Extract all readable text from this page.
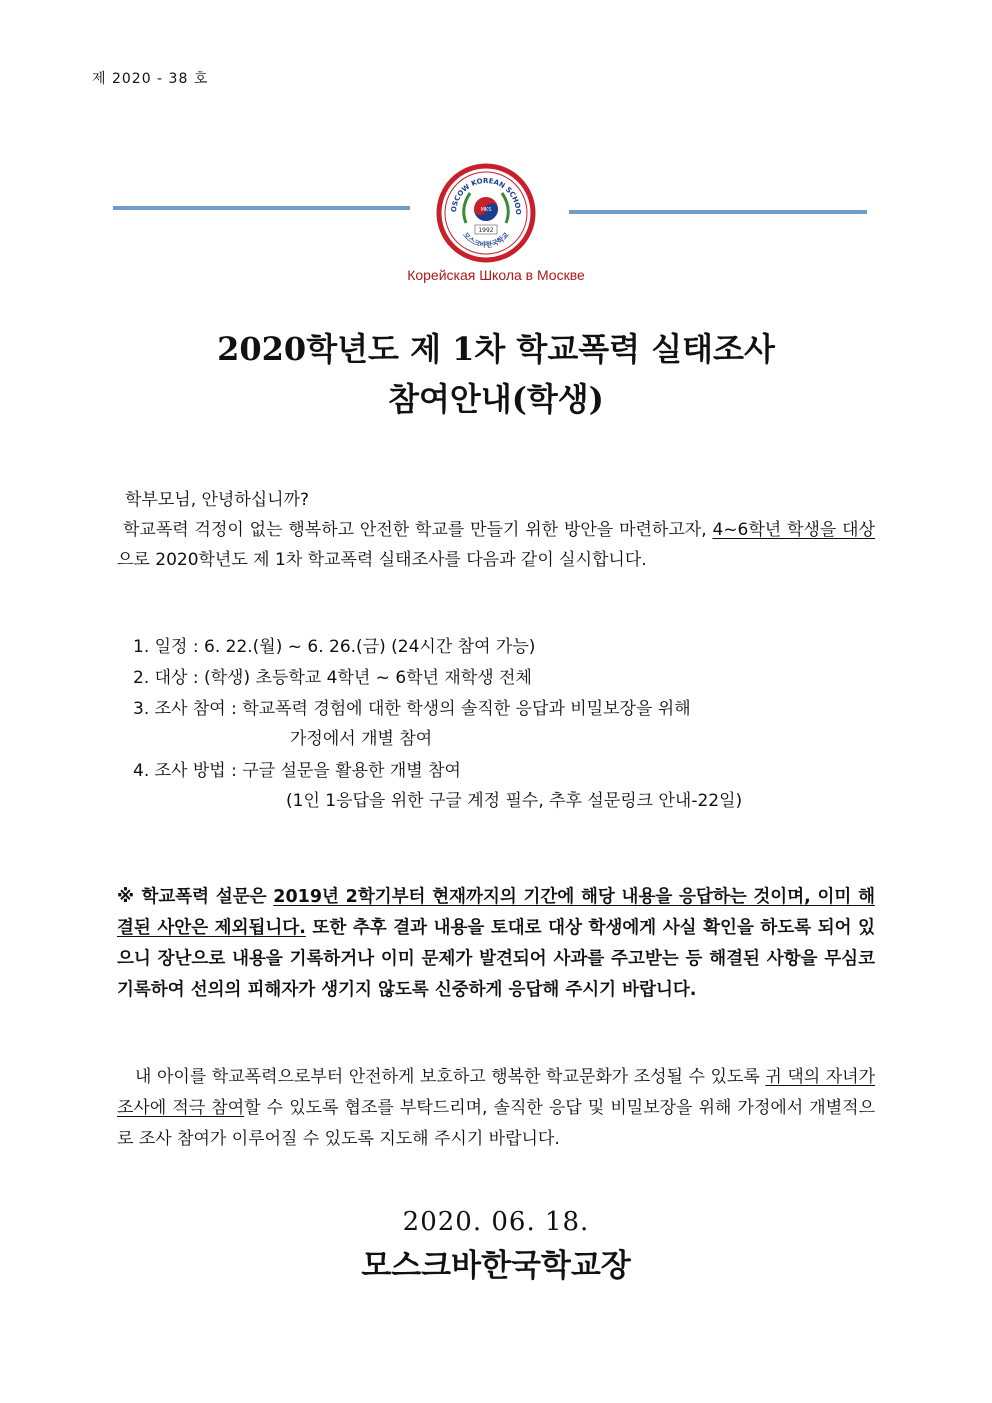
제 2020 - 38 호
OSCOW KOREAN SCHOO
모스크바한국학교
MKS
1992
Корейская Школа в Москве
2020학년도 제 1차 학교폭력 실태조사
참여안내(학생)
학부모님, 안녕하십니까?
학교폭력 걱정이 없는 행복하고 안전한 학교를 만들기 위한 방안을 마련하고자, 4~6학년 학생을 대상으로 2020학년도 제 1차 학교폭력 실태조사를 다음과 같이 실시합니다.
1. 일정 : 6. 22.(월) ~ 6. 26.(금) (24시간 참여 가능)
2. 대상 : (학생) 초등학교 4학년 ~ 6학년 재학생 전체
3. 조사 참여 : 학교폭력 경험에 대한 학생의 솔직한 응답과 비밀보장을 위해
가정에서 개별 참여
4. 조사 방법 : 구글 설문을 활용한 개별 참여
(1인 1응답을 위한 구글 계정 필수, 추후 설문링크 안내-22일)
※ 학교폭력 설문은 2019년 2학기부터 현재까지의 기간에 해당 내용을 응답하는 것이며, 이미 해결된 사안은 제외됩니다. 또한 추후 결과 내용을 토대로 대상 학생에게 사실 확인을 하도록 되어 있으니 장난으로 내용을 기록하거나 이미 문제가 발견되어 사과를 주고받는 등 해결된 사항을 무심코 기록하여 선의의 피해자가 생기지 않도록 신중하게 응답해 주시기 바랍니다.
내 아이를 학교폭력으로부터 안전하게 보호하고 행복한 학교문화가 조성될 수 있도록 귀 댁의 자녀가 조사에 적극 참여할 수 있도록 협조를 부탁드리며, 솔직한 응답 및 비밀보장을 위해 가정에서 개별적으로 조사 참여가 이루어질 수 있도록 지도해 주시기 바랍니다.
2020. 06. 18.
모스크바한국학교장
